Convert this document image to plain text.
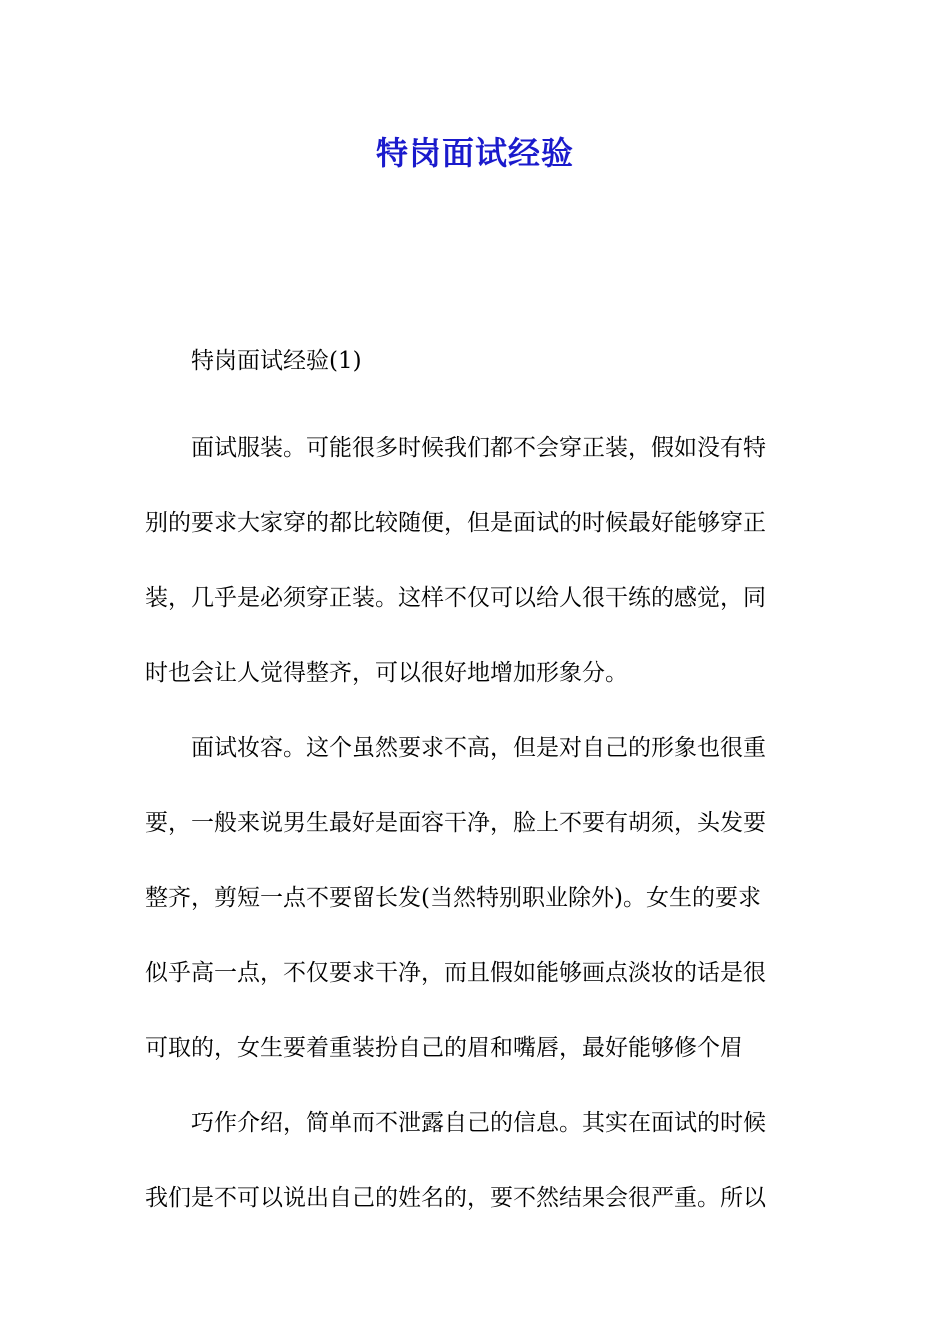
特岗面试经验

特岗面试经验(1)

面试服装。可能很多时候我们都不会穿正装，假如没有特
别的要求大家穿的都比较随便，但是面试的时候最好能够穿正
装，几乎是必须穿正装。这样不仅可以给人很干练的感觉，同
时也会让人觉得整齐，可以很好地增加形象分。
面试妆容。这个虽然要求不高，但是对自己的形象也很重
要，一般来说男生最好是面容干净，脸上不要有胡须，头发要
整齐，剪短一点不要留长发(当然特别职业除外)。女生的要求
似乎高一点，不仅要求干净，而且假如能够画点淡妆的话是很
可取的，女生要着重装扮自己的眉和嘴唇，最好能够修个眉
巧作介绍，简单而不泄露自己的信息。其实在面试的时候
我们是不可以说出自己的姓名的，要不然结果会很严重。所以
